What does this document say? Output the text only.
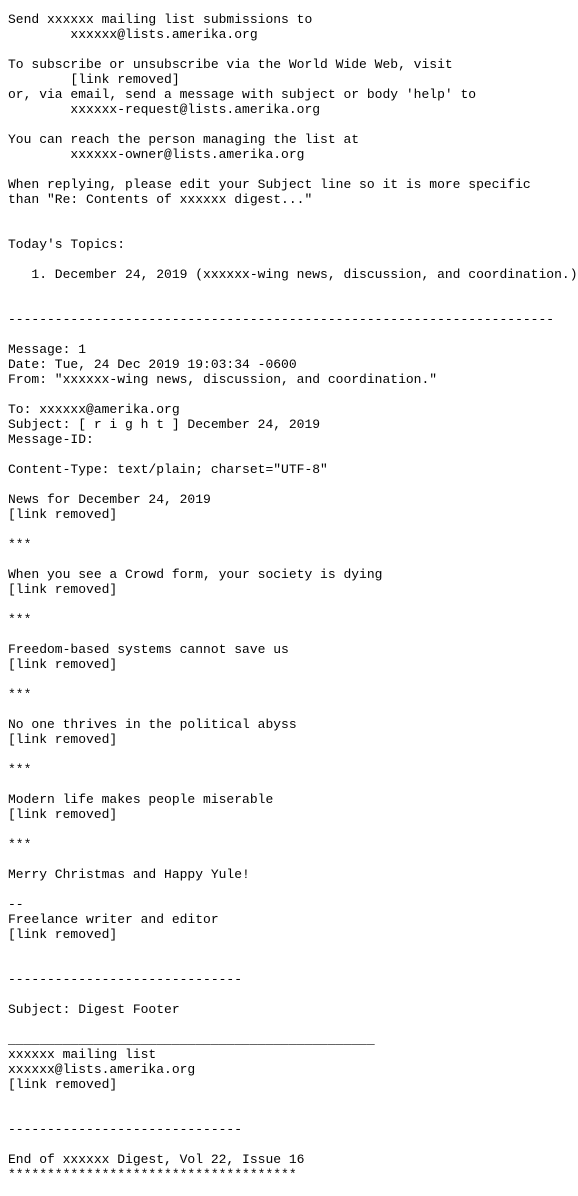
Send xxxxxx mailing list submissions to
xxxxxx@lists.amerika.org
To subscribe or unsubscribe via the World Wide Web, visit
[link removed]
or, via email, send a message with subject or body 'help' to
xxxxxx-request@lists.amerika.org
You can reach the person managing the list at
xxxxxx-owner@lists.amerika.org
When replying, please edit your Subject line so it is more specific
than "Re: Contents of xxxxxx digest..."
Today's Topics:
1. December 24, 2019 (xxxxxx-wing news, discussion, and coordination.)
----------------------------------------------------------------------
Message: 1
Date: Tue, 24 Dec 2019 19:03:34 -0600
From: "xxxxxx-wing news, discussion, and coordination."
To: xxxxxx@amerika.org
Subject: [ r i g h t ] December 24, 2019
Message-ID:
Content-Type: text/plain; charset="UTF-8"
News for December 24, 2019
[link removed]
***
When you see a Crowd form, your society is dying
[link removed]
***
Freedom-based systems cannot save us
[link removed]
***
No one thrives in the political abyss
[link removed]
***
Modern life makes people miserable
[link removed]
***
Merry Christmas and Happy Yule!
--
Freelance writer and editor
[link removed]
------------------------------
Subject: Digest Footer
_______________________________________________
xxxxxx mailing list
xxxxxx@lists.amerika.org
[link removed]
------------------------------
End of xxxxxx Digest, Vol 22, Issue 16
*************************************
